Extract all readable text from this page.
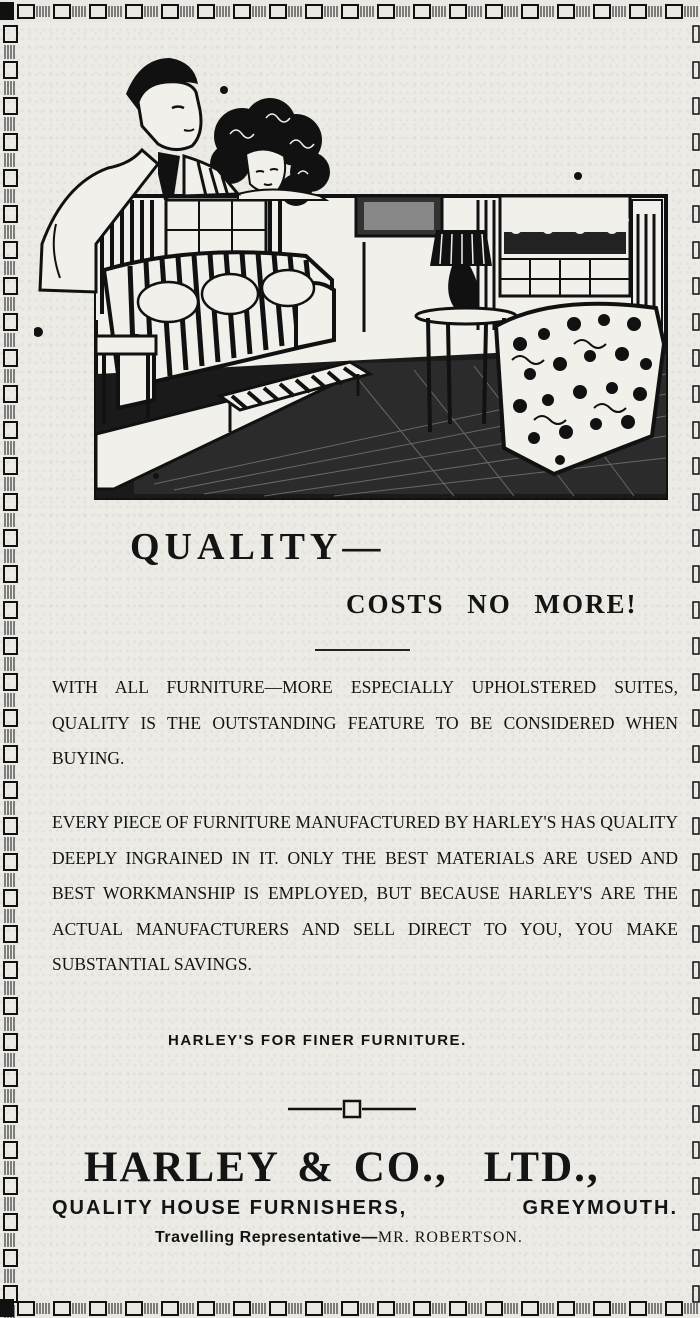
QUALITY—
COSTS NO MORE!

WITH ALL FURNITURE—MORE ESPECIALLY UPHOLSTERED SUITES, QUALITY IS THE OUTSTANDING FEATURE TO BE CONSIDERED WHEN BUYING.

EVERY PIECE OF FURNITURE MANUFACTURED BY HARLEY'S HAS QUALITY DEEPLY INGRAINED IN IT. ONLY THE BEST MATERIALS ARE USED AND BEST WORKMANSHIP IS EMPLOYED, BUT BECAUSE HARLEY'S ARE THE ACTUAL MANUFACTURERS AND SELL DIRECT TO YOU, YOU MAKE SUBSTANTIAL SAVINGS.

HARLEY'S FOR FINER FURNITURE.

HARLEY & CO., LTD.,
QUALITY HOUSE FURNISHERS,	GREYMOUTH.
Travelling Representative—MR. ROBERTSON.
